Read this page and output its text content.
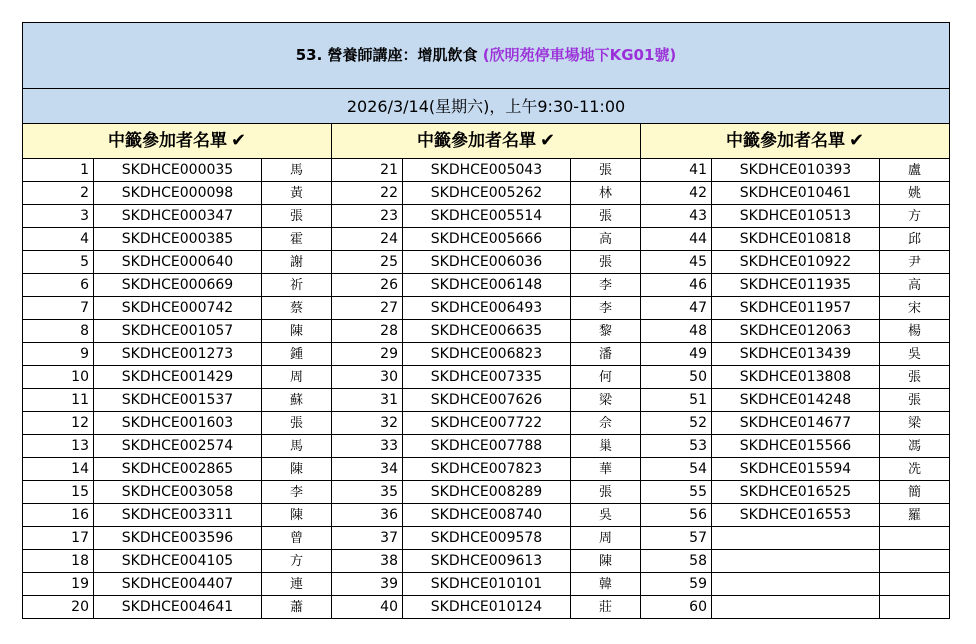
53. 營養師講座：增肌飲食 (欣明苑停車場地下KG01號)								
2026/3/14(星期六)，上午9:30-11:00								
中籤參加者名單 ✔			中籤參加者名單 ✔			中籤參加者名單 ✔		
1	SKDHCE000035	馬	21	SKDHCE005043	張	41	SKDHCE010393	盧
2	SKDHCE000098	黃	22	SKDHCE005262	林	42	SKDHCE010461	姚
3	SKDHCE000347	張	23	SKDHCE005514	張	43	SKDHCE010513	方
4	SKDHCE000385	霍	24	SKDHCE005666	高	44	SKDHCE010818	邱
5	SKDHCE000640	謝	25	SKDHCE006036	張	45	SKDHCE010922	尹
6	SKDHCE000669	祈	26	SKDHCE006148	李	46	SKDHCE011935	高
7	SKDHCE000742	蔡	27	SKDHCE006493	李	47	SKDHCE011957	宋
8	SKDHCE001057	陳	28	SKDHCE006635	黎	48	SKDHCE012063	楊
9	SKDHCE001273	鍾	29	SKDHCE006823	潘	49	SKDHCE013439	吳
10	SKDHCE001429	周	30	SKDHCE007335	何	50	SKDHCE013808	張
11	SKDHCE001537	蘇	31	SKDHCE007626	梁	51	SKDHCE014248	張
12	SKDHCE001603	張	32	SKDHCE007722	佘	52	SKDHCE014677	梁
13	SKDHCE002574	馬	33	SKDHCE007788	巢	53	SKDHCE015566	馮
14	SKDHCE002865	陳	34	SKDHCE007823	華	54	SKDHCE015594	冼
15	SKDHCE003058	李	35	SKDHCE008289	張	55	SKDHCE016525	簡
16	SKDHCE003311	陳	36	SKDHCE008740	吳	56	SKDHCE016553	羅
17	SKDHCE003596	曾	37	SKDHCE009578	周	57		
18	SKDHCE004105	方	38	SKDHCE009613	陳	58		
19	SKDHCE004407	連	39	SKDHCE010101	韓	59		
20	SKDHCE004641	蕭	40	SKDHCE010124	莊	60		
